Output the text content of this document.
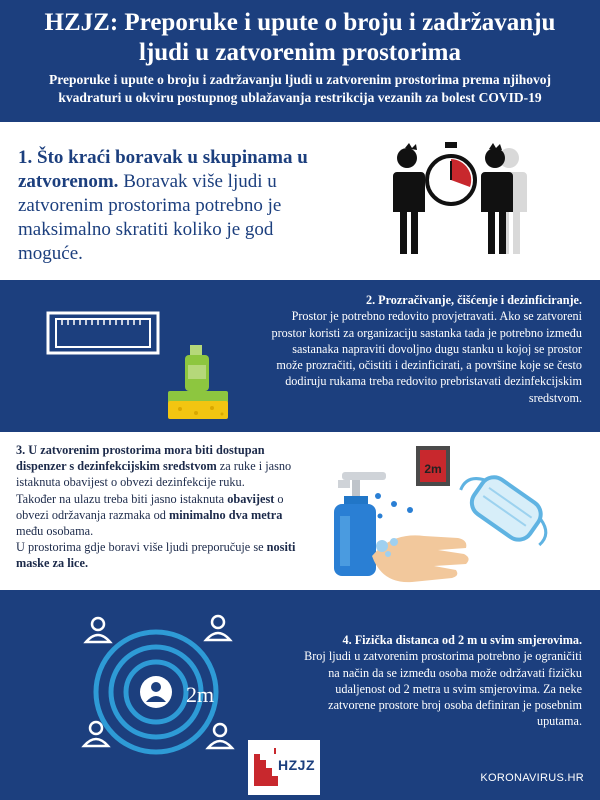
HZJZ: Preporuke i upute o broju i zadržavanju
ljudi u zatvorenim prostorima
Preporuke i upute o broju i zadržavanju ljudi u zatvorenim prostorima prema njihovoj kvadraturi u okviru postupnog ublažavanja restrikcija vezanih za bolest COVID-19
1. Što kraći boravak u skupinama u zatvorenom. Boravak više ljudi u zatvorenim prostorima potrebno je maksimalno skratiti koliko je god moguće.
2. Prozračivanje, čišćenje i dezinficiranje.
Prostor je potrebno redovito provjetravati. Ako se zatvoreni prostor koristi za organizaciju sastanka tada je potrebno između sastanaka napraviti dovoljno dugu stanku u kojoj se prostor može prozračiti, očistiti i dezinficirati, a površine koje se često dodiruju rukama treba redovito prebristavati dezinfekcijskim sredstvom.
3. U zatvorenim prostorima mora biti dostupan dispenzer s dezinfekcijskim sredstvom za ruke i jasno istaknuta obavijest o obvezi dezinfekcije ruku.
Također na ulazu treba biti jasno istaknuta obavijest o obvezi održavanja razmaka od minimalno dva metra među osobama.
U prostorima gdje boravi više ljudi preporučuje se nositi maske za lice.
2m
2m
4. Fizička distanca od 2 m u svim smjerovima.
Broj ljudi u zatvorenim prostorima potrebno je ograničiti na način da se između osoba može održavati fizičku udaljenost od 2 metra u svim smjerovima. Za neke zatvorene prostore broj osoba definiran je posebnim uputama.
HZJZ
KORONAVIRUS.HR
